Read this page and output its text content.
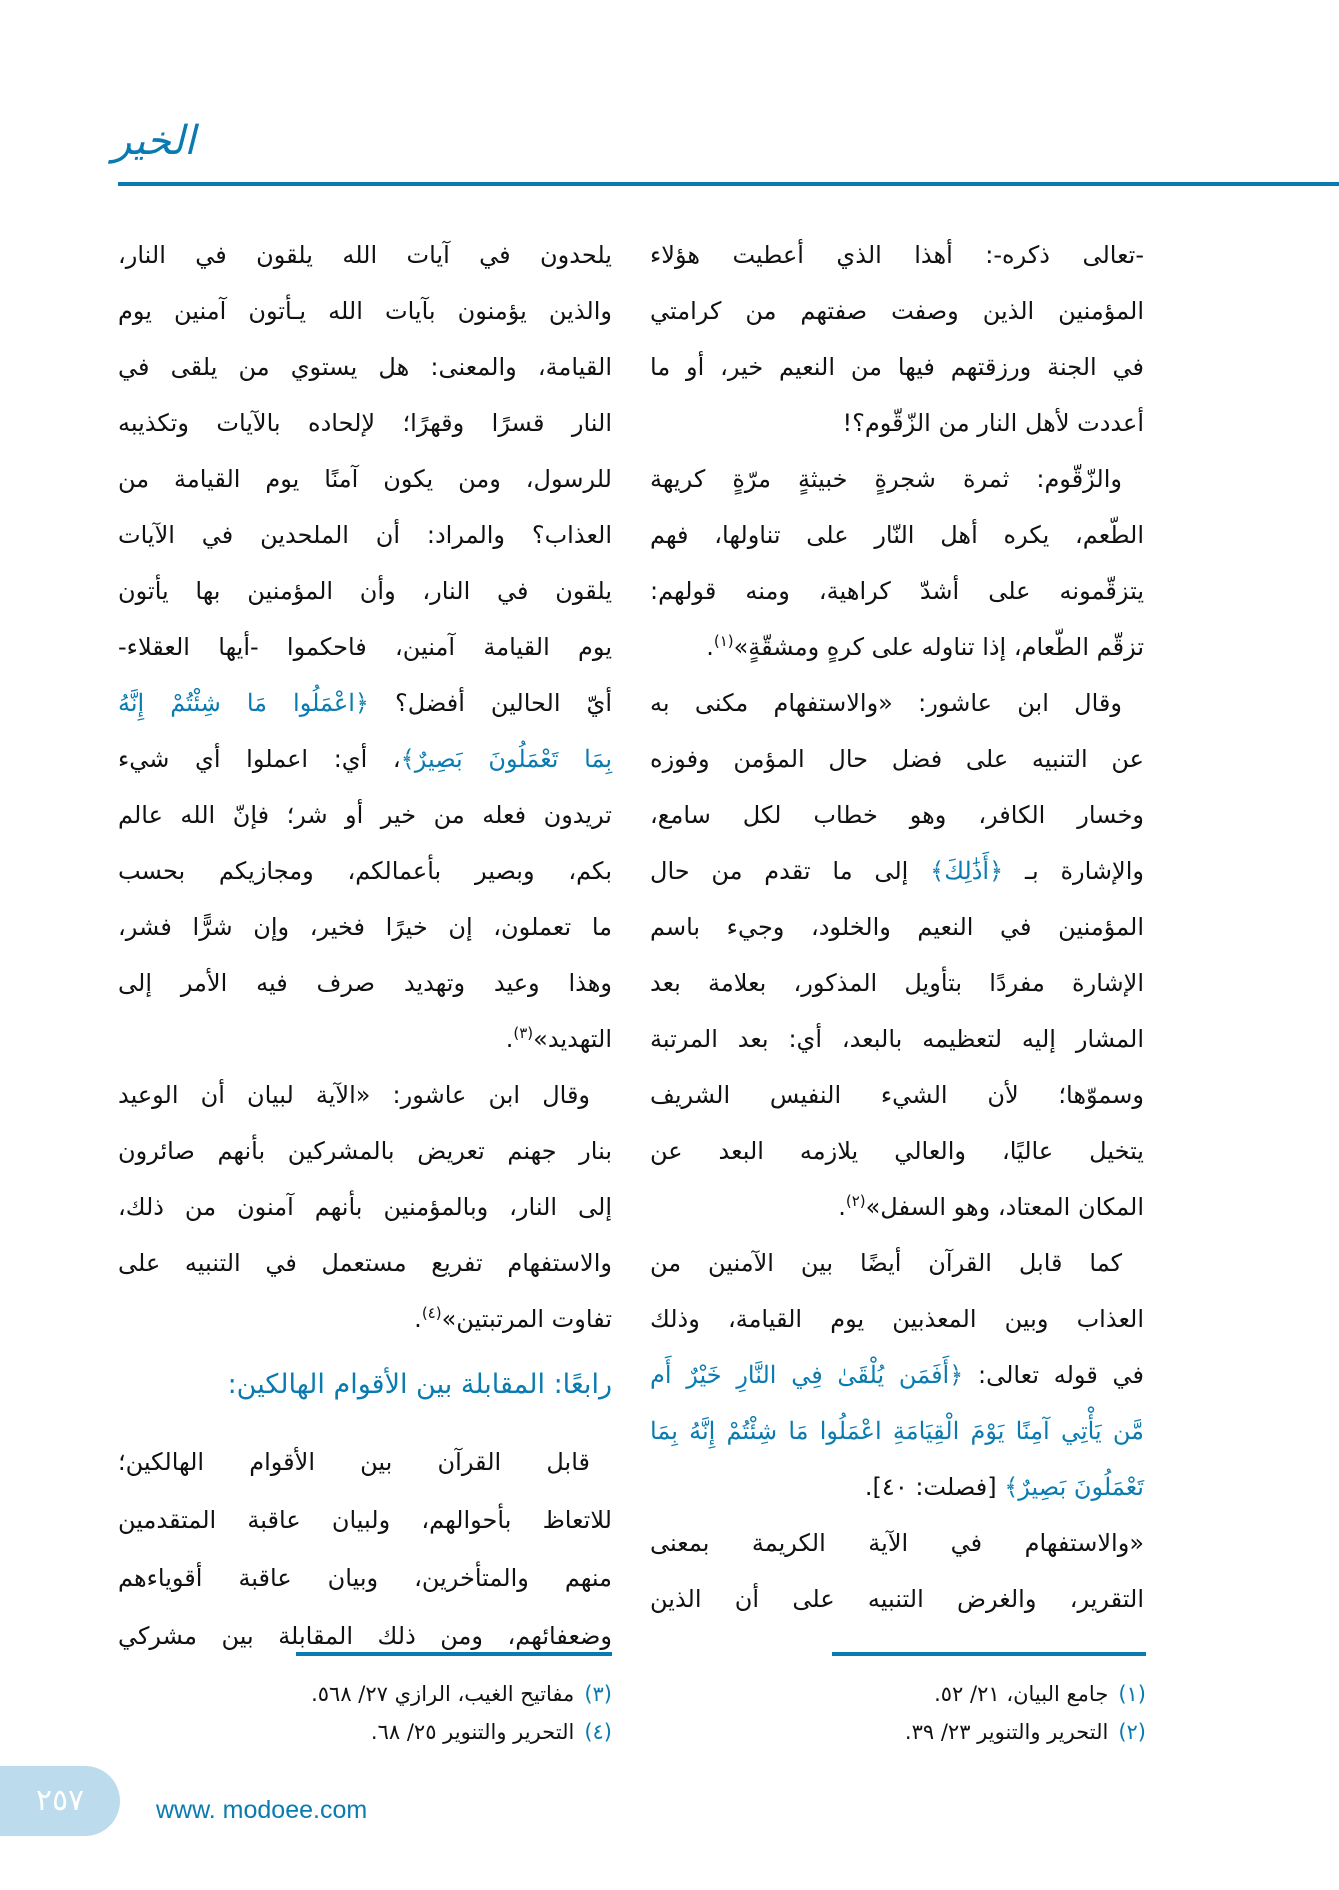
الخير
-تعالى ذكره-: أهذا الذي أعطيت هؤلاء
المؤمنين الذين وصفت صفتهم من كرامتي
في الجنة ورزقتهم فيها من النعيم خير، أو ما
أعددت لأهل النار من الزّقّوم؟!
والزّقّوم: ثمرة شجرةٍ خبيثةٍ مرّةٍ كريهة
الطّعم، يكره أهل النّار على تناولها، فهم
يتزقّمونه على أشدّ كراهية، ومنه قولهم:
تزقّم الطّعام، إذا تناوله على كرهٍ ومشقّةٍ»$^{(١)}$.
وقال ابن عاشور: «والاستفهام مكنى به
عن التنبيه على فضل حال المؤمن وفوزه
وخسار الكافر، وهو خطاب لكل سامع،
والإشارة بـ ﴿أَذَٰلِكَ﴾ إلى ما تقدم من حال
المؤمنين في النعيم والخلود، وجيء باسم
الإشارة مفردًا بتأويل المذكور، بعلامة بعد
المشار إليه لتعظيمه بالبعد، أي: بعد المرتبة
وسموّها؛ لأن الشيء النفيس الشريف
يتخيل عاليًا، والعالي يلازمه البعد عن
المكان المعتاد، وهو السفل»$^{(٢)}$.
كما قابل القرآن أيضًا بين الآمنين من
العذاب وبين المعذبين يوم القيامة، وذلك
في قوله تعالى: ﴿أَفَمَن يُلْقَىٰ فِي النَّارِ خَيْرٌ أَم
مَّن يَأْتِي آمِنًا يَوْمَ الْقِيَامَةِ اعْمَلُوا مَا شِئْتُمْ إِنَّهُ بِمَا
تَعْمَلُونَ بَصِيرٌ﴾ [فصلت: ٤٠].
«والاستفهام في الآية الكريمة بمعنى
التقرير، والغرض التنبيه على أن الذين
يلحدون في آيات الله يلقون في النار،
والذين يؤمنون بآيات الله يـأتون آمنين يوم
القيامة، والمعنى: هل يستوي من يلقى في
النار قسرًا وقهرًا؛ لإلحاده بالآيات وتكذيبه
للرسول، ومن يكون آمنًا يوم القيامة من
العذاب؟ والمراد: أن الملحدين في الآيات
يلقون في النار، وأن المؤمنين بها يأتون
يوم القيامة آمنين، فاحكموا -أيها العقلاء-
أيّ الحالين أفضل؟ ﴿اعْمَلُوا مَا شِئْتُمْ إِنَّهُ
بِمَا تَعْمَلُونَ بَصِيرٌ﴾، أي: اعملوا أي شيء
تريدون فعله من خير أو شر؛ فإنّ الله عالم
بكم، وبصير بأعمالكم، ومجازيكم بحسب
ما تعملون، إن خيرًا فخير، وإن شرًّا فشر،
وهذا وعيد وتهديد صرف فيه الأمر إلى
التهديد»$^{(٣)}$.
وقال ابن عاشور: «الآية لبيان أن الوعيد
بنار جهنم تعريض بالمشركين بأنهم صائرون
إلى النار، وبالمؤمنين بأنهم آمنون من ذلك،
والاستفهام تفريع مستعمل في التنبيه على
تفاوت المرتبتين»$^{(٤)}$.
رابعًا: المقابلة بين الأقوام الهالكين:
قابل القرآن بين الأقوام الهالكين؛
للاتعاظ بأحوالهم، ولبيان عاقبة المتقدمين
منهم والمتأخرين، وبيان عاقبة أقوياءهم
وضعفائهم، ومن ذلك المقابلة بين مشركي
(١)جامع البيان، ٢١/ ٥٢.
(٢)التحرير والتنوير ٢٣/ ٣٩.
(٣)مفاتيح الغيب، الرازي ٢٧/ ٥٦٨.
(٤)التحرير والتنوير ٢٥/ ٦٨.
٢٥٧	www. modoee.com
